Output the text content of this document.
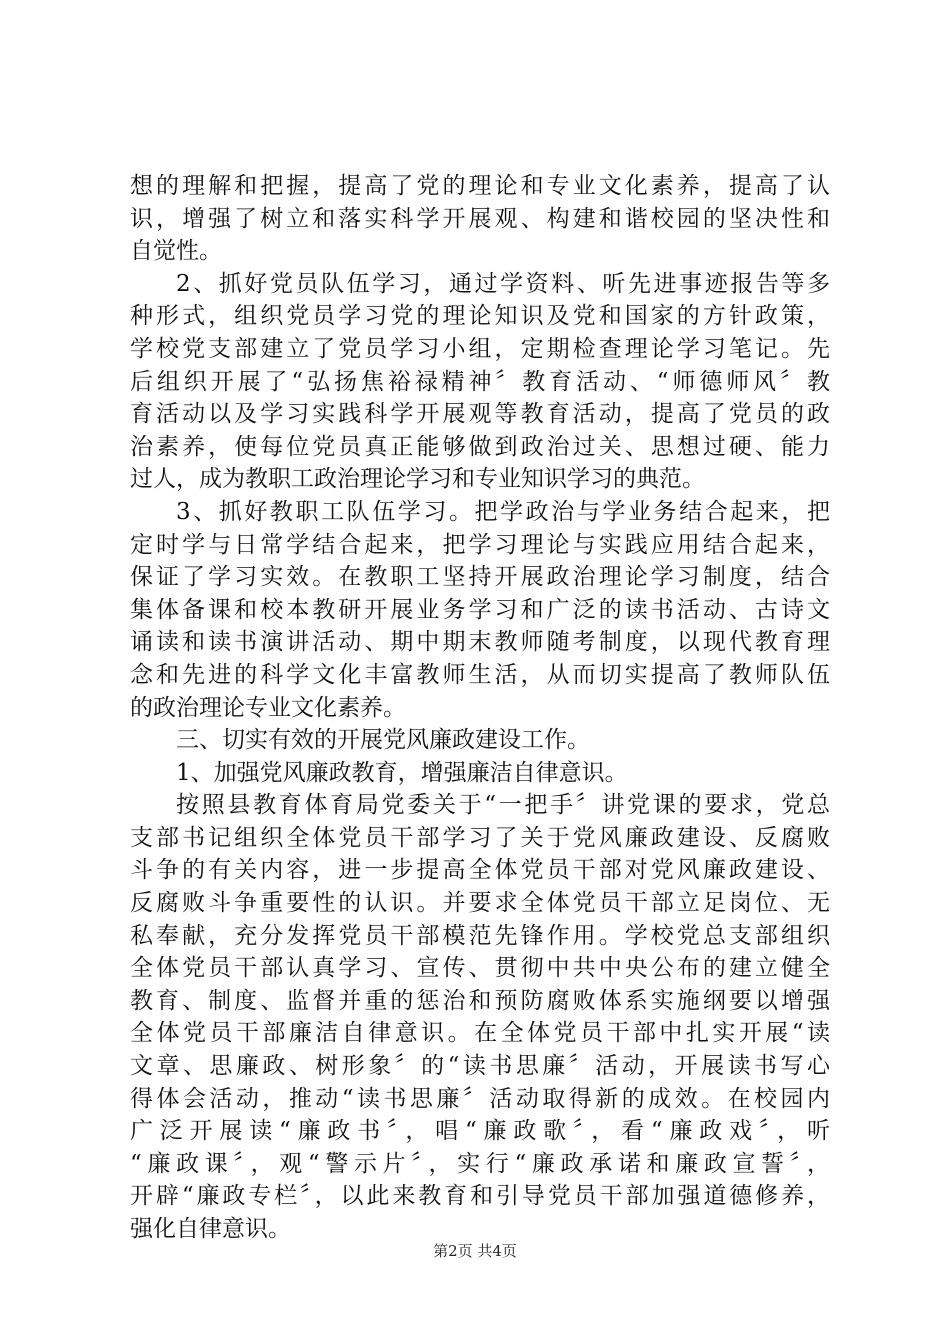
想的理解和把握，提高了党的理论和专业文化素养，提高了认
识，增强了树立和落实科学开展观、构建和谐校园的坚决性和
自觉性。
2、抓好党员队伍学习，通过学资料、听先进事迹报告等多
种形式，组织党员学习党的理论知识及党和国家的方针政策，
学校党支部建立了党员学习小组，定期检查理论学习笔记。先
后组织开展了“弘扬焦裕禄精神〞教育活动、“师德师风〞教
育活动以及学习实践科学开展观等教育活动，提高了党员的政
治素养，使每位党员真正能够做到政治过关、思想过硬、能力
过人，成为教职工政治理论学习和专业知识学习的典范。
3、抓好教职工队伍学习。把学政治与学业务结合起来，把
定时学与日常学结合起来，把学习理论与实践应用结合起来，
保证了学习实效。在教职工坚持开展政治理论学习制度，结合
集体备课和校本教研开展业务学习和广泛的读书活动、古诗文
诵读和读书演讲活动、期中期末教师随考制度，以现代教育理
念和先进的科学文化丰富教师生活，从而切实提高了教师队伍
的政治理论专业文化素养。
三、切实有效的开展党风廉政建设工作。
1、加强党风廉政教育，增强廉洁自律意识。
按照县教育体育局党委关于“一把手〞讲党课的要求，党总
支部书记组织全体党员干部学习了关于党风廉政建设、反腐败
斗争的有关内容，进一步提高全体党员干部对党风廉政建设、
反腐败斗争重要性的认识。并要求全体党员干部立足岗位、无
私奉献，充分发挥党员干部模范先锋作用。学校党总支部组织
全体党员干部认真学习、宣传、贯彻中共中央公布的建立健全
教育、制度、监督并重的惩治和预防腐败体系实施纲要以增强
全体党员干部廉洁自律意识。在全体党员干部中扎实开展“读
文章、思廉政、树形象〞的“读书思廉〞活动，开展读书写心
得体会活动，推动“读书思廉〞活动取得新的成效。在校园内
广泛开展读“廉政书〞，唱“廉政歌〞，看“廉政戏〞，听
“廉政课〞，观“警示片〞，实行“廉政承诺和廉政宣誓〞，
开辟“廉政专栏〞，以此来教育和引导党员干部加强道德修养，
强化自律意识。
第2页 共4页
